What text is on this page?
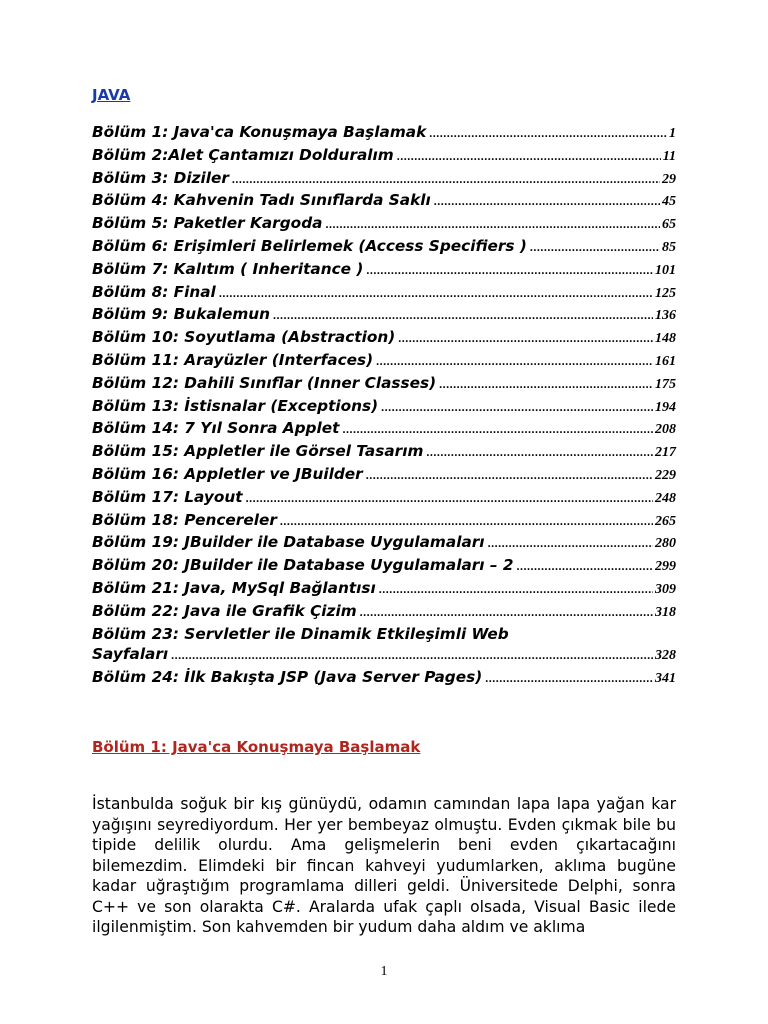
JAVA
Bölüm 1: Java'ca Konuşmaya Başlamak .....	1
Bölüm 2:Alet Çantamızı Dolduralım .....	11
Bölüm 3: Diziler .....	29
Bölüm 4: Kahvenin Tadı Sınıflarda Saklı .....	45
Bölüm 5: Paketler Kargoda .....	65
Bölüm 6: Erişimleri Belirlemek (Access Specifiers ) .....	85
Bölüm 7: Kalıtım ( Inheritance ) .....	101
Bölüm 8: Final .....	125
Bölüm 9: Bukalemun .....	136
Bölüm 10: Soyutlama (Abstraction) .....	148
Bölüm 11: Arayüzler (Interfaces) .....	161
Bölüm 12: Dahili Sınıflar (Inner Classes) .....	175
Bölüm 13: İstisnalar (Exceptions) .....	194
Bölüm 14: 7 Yıl Sonra Applet .....	208
Bölüm 15: Appletler ile Görsel Tasarım .....	217
Bölüm 16: Appletler ve JBuilder .....	229
Bölüm 17: Layout .....	248
Bölüm 18: Pencereler .....	265
Bölüm 19: JBuilder ile Database Uygulamaları .....	280
Bölüm 20: JBuilder ile Database Uygulamaları – 2 .....	299
Bölüm 21: Java, MySql Bağlantısı .....	309
Bölüm 22: Java ile Grafik Çizim .....	318
Bölüm 23: Servletler ile Dinamik Etkileşimli Web
Sayfaları .....	328
Bölüm 24: İlk Bakışta JSP (Java Server Pages) .....	341
Bölüm 1: Java'ca Konuşmaya Başlamak

İstanbulda soğuk bir kış günüydü, odamın camından lapa lapa yağan kar yağışını seyrediyordum. Her yer bembeyaz olmuştu. Evden çıkmak bile bu tipide delilik olurdu. Ama gelişmelerin beni evden çıkartacağını bilemezdim. Elimdeki bir fincan kahveyi yudumlarken, aklıma bugüne kadar uğraştığım programlama dilleri geldi. Üniversitede Delphi, sonra C++ ve son olarakta C#. Aralarda ufak çaplı olsada, Visual Basic ilede ilgilenmiştim. Son kahvemden bir yudum daha aldım ve aklıma

1
